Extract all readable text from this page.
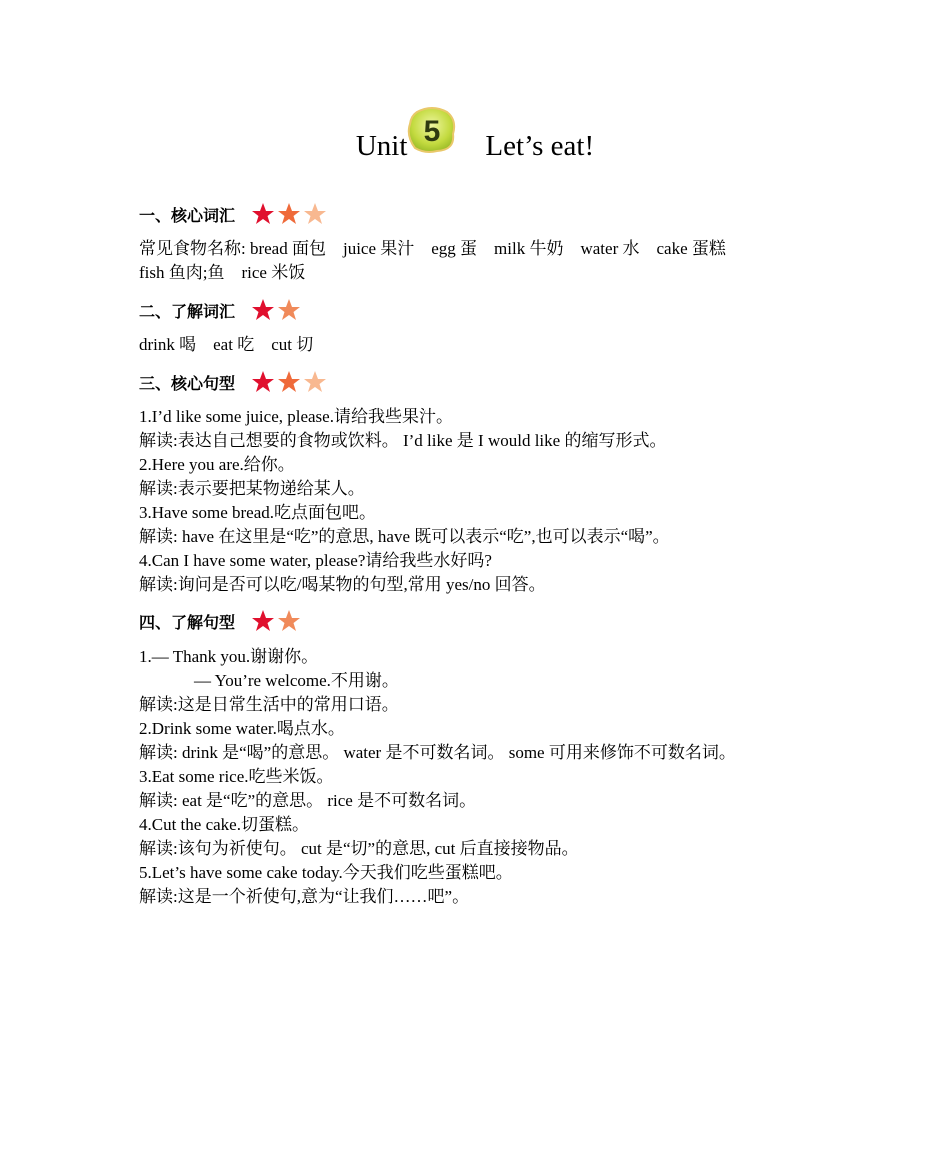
Unit 5 Let’s eat!
一、核心词汇
常见食物名称: bread 面包　juice 果汁　egg 蛋　milk 牛奶　water 水　cake 蛋糕
fish 鱼肉;鱼　rice 米饭
二、了解词汇
drink 喝　eat 吃　cut 切
三、核心句型
1.I’d like some juice, please.请给我些果汁。
解读:表达自己想要的食物或饮料。 I’d like 是 I would like 的缩写形式。
2.Here you are.给你。
解读:表示要把某物递给某人。
3.Have some bread.吃点面包吧。
解读: have 在这里是“吃”的意思, have 既可以表示“吃”,也可以表示“喝”。
4.Can I have some water, please?请给我些水好吗?
解读:询问是否可以吃/喝某物的句型,常用 yes/no 回答。
四、了解句型
1.— Thank you.谢谢你。
— You’re welcome.不用谢。
解读:这是日常生活中的常用口语。
2.Drink some water.喝点水。
解读: drink 是“喝”的意思。 water 是不可数名词。 some 可用来修饰不可数名词。
3.Eat some rice.吃些米饭。
解读: eat 是“吃”的意思。 rice 是不可数名词。
4.Cut the cake.切蛋糕。
解读:该句为祈使句。 cut 是“切”的意思, cut 后直接接物品。
5.Let’s have some cake today.今天我们吃些蛋糕吧。
解读:这是一个祈使句,意为“让我们……吧”。
